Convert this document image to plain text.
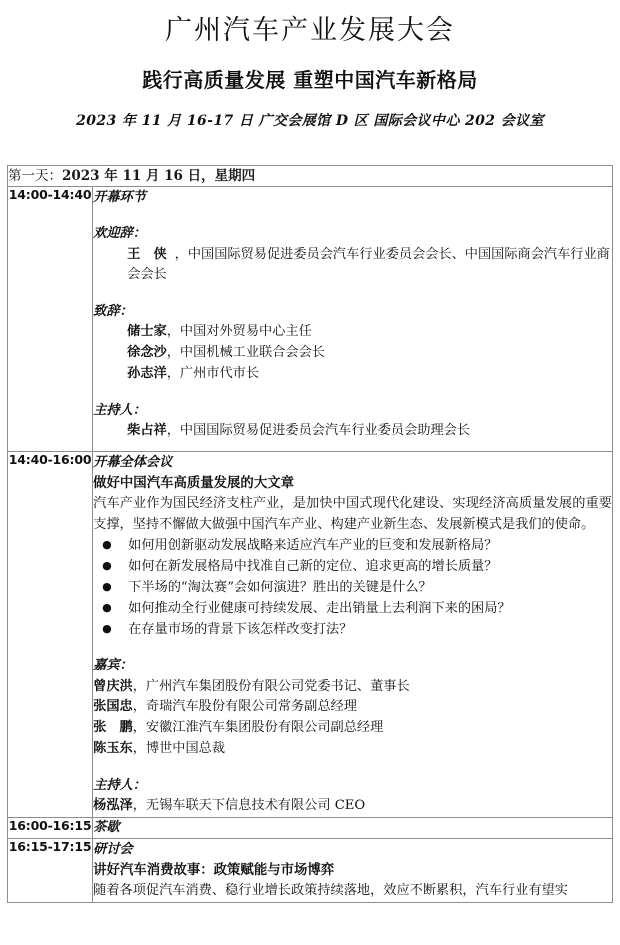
广州汽车产业发展大会
践行高质量发展 重塑中国汽车新格局
2023 年 11 月 16-17 日 广交会展馆 D 区 国际会议中心 202 会议室
第一天：2023 年 11 月 16 日，星期四	
14:00-14:40	开幕环节
欢迎辞：
王　侠 ，中国国际贸易促进委员会汽车行业委员会会长、中国国际商会汽车行业商会会长
致辞：
储士家，中国对外贸易中心主任
徐念沙，中国机械工业联合会会长
孙志洋，广州市代市长
主持人：
柴占祥，中国国际贸易促进委员会汽车行业委员会助理会长

14:40-16:00	开幕全体会议
做好中国汽车高质量发展的大文章
汽车产业作为国民经济支柱产业，是加快中国式现代化建设、实现经济高质量发展的重要支撑，坚持不懈做大做强中国汽车产业、构建产业新生态、发展新模式是我们的使命。
● 如何用创新驱动发展战略来适应汽车产业的巨变和发展新格局？
● 如何在新发展格局中找准自己新的定位、追求更高的增长质量？
● 下半场的“淘汰赛”会如何演进？胜出的关键是什么？
● 如何推动全行业健康可持续发展、走出销量上去利润下来的困局？
● 在存量市场的背景下该怎样改变打法？
嘉宾：
曾庆洪，广州汽车集团股份有限公司党委书记、董事长
张国忠，奇瑞汽车股份有限公司常务副总经理
张　鹏，安徽江淮汽车集团股份有限公司副总经理
陈玉东，博世中国总裁
主持人：
杨泓泽，无锡车联天下信息技术有限公司 CEO

16:00-16:15	茶歇
16:15-17:15	研讨会
讲好汽车消费故事：政策赋能与市场博弈
随着各项促汽车消费、稳行业增长政策持续落地，效应不断累积，汽车行业有望实
